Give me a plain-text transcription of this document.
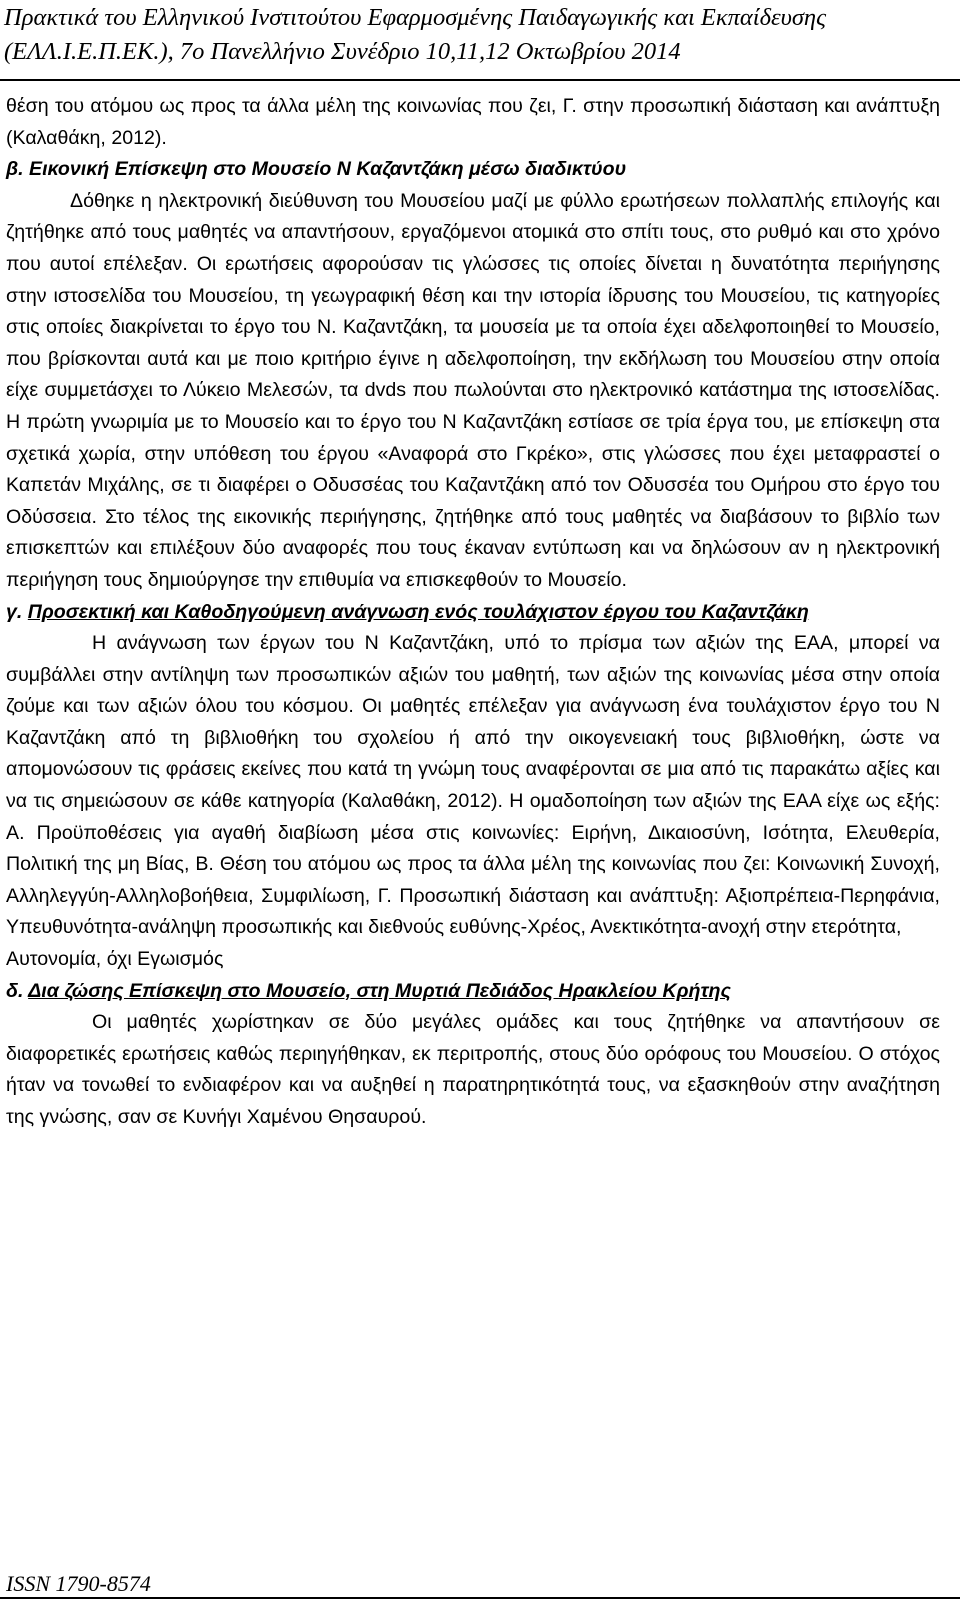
Πρακτικά του Ελληνικού Ινστιτούτου Εφαρμοσμένης Παιδαγωγικής και Εκπαίδευσης
(ΕΛΛ.Ι.Ε.Π.ΕΚ.), 7ο Πανελλήνιο Συνέδριο 10,11,12 Οκτωβρίου 2014

θέση του ατόμου ως προς τα άλλα μέλη της κοινωνίας που ζει, Γ. στην προσωπική διάσταση και ανάπτυξη (Καλαθάκη, 2012).

β. Εικονική Επίσκεψη στο Μουσείο Ν Καζαντζάκη μέσω διαδικτύου

Δόθηκε η ηλεκτρονική διεύθυνση του Μουσείου μαζί με φύλλο ερωτήσεων πολλαπλής επιλογής και ζητήθηκε από τους μαθητές να απαντήσουν, εργαζόμενοι ατομικά στο σπίτι τους, στο ρυθμό και στο χρόνο που αυτοί επέλεξαν. Οι ερωτήσεις αφορούσαν τις γλώσσες τις οποίες δίνεται η δυνατότητα περιήγησης στην ιστοσελίδα του Μουσείου, τη γεωγραφική θέση και την ιστορία ίδρυσης του Μουσείου, τις κατηγορίες στις οποίες διακρίνεται το έργο του Ν. Καζαντζάκη, τα μουσεία με τα οποία έχει αδελφοποιηθεί το Μουσείο, που βρίσκονται αυτά και με ποιο κριτήριο έγινε η αδελφοποίηση, την εκδήλωση του Μουσείου στην οποία είχε συμμετάσχει το Λύκειο Μελεσών, τα dvds που πωλούνται στο ηλεκτρονικό κατάστημα της ιστοσελίδας. Η πρώτη γνωριμία με το Μουσείο και το έργο του Ν Καζαντζάκη εστίασε σε τρία έργα του, με επίσκεψη στα σχετικά χωρία, στην υπόθεση του έργου «Αναφορά στο Γκρέκο», στις γλώσσες που έχει μεταφραστεί ο Καπετάν Μιχάλης, σε τι διαφέρει ο Οδυσσέας του Καζαντζάκη από τον Οδυσσέα του Ομήρου στο έργο του Οδύσσεια. Στο τέλος της εικονικής περιήγησης, ζητήθηκε από τους μαθητές να διαβάσουν το βιβλίο των επισκεπτών και επιλέξουν δύο αναφορές που τους έκαναν εντύπωση και να δηλώσουν αν η ηλεκτρονική περιήγηση τους δημιούργησε την επιθυμία να επισκεφθούν το Μουσείο.

γ. Προσεκτική και Καθοδηγούμενη ανάγνωση ενός τουλάχιστον έργου του Καζαντζάκη

Η ανάγνωση των έργων του Ν Καζαντζάκη, υπό το πρίσμα των αξιών της ΕΑΑ, μπορεί να συμβάλλει στην αντίληψη των προσωπικών αξιών του μαθητή, των αξιών της κοινωνίας μέσα στην οποία ζούμε και των αξιών όλου του κόσμου. Οι μαθητές επέλεξαν για ανάγνωση ένα τουλάχιστον έργο του Ν Καζαντζάκη από τη βιβλιοθήκη του σχολείου ή από την οικογενειακή τους βιβλιοθήκη, ώστε να απομονώσουν τις φράσεις εκείνες που κατά τη γνώμη τους αναφέρονται σε μια από τις παρακάτω αξίες και να τις σημειώσουν σε κάθε κατηγορία (Καλαθάκη, 2012). Η ομαδοποίηση των αξιών της ΕΑΑ είχε ως εξής: Α. Προϋποθέσεις για αγαθή διαβίωση μέσα στις κοινωνίες: Ειρήνη, Δικαιοσύνη, Ισότητα, Ελευθερία, Πολιτική της μη Βίας, Β. Θέση του ατόμου ως προς τα άλλα μέλη της κοινωνίας που ζει: Κοινωνική Συνοχή, Αλληλεγγύη-Αλληλοβοήθεια, Συμφιλίωση, Γ. Προσωπική διάσταση και ανάπτυξη: Αξιοπρέπεια-Περηφάνια, Υπευθυνότητα-ανάληψη προσωπικής και διεθνούς ευθύνης-Χρέος, Ανεκτικότητα-ανοχή στην ετερότητα,

Αυτονομία, όχι Εγωισμός

δ. Δια ζώσης Επίσκεψη στο Μουσείο, στη Μυρτιά Πεδιάδος Ηρακλείου Κρήτης

Οι μαθητές χωρίστηκαν σε δύο μεγάλες ομάδες και τους ζητήθηκε να απαντήσουν σε διαφορετικές ερωτήσεις καθώς περιηγήθηκαν, εκ περιτροπής, στους δύο ορόφους του Μουσείου. Ο στόχος ήταν να τονωθεί το ενδιαφέρον και να αυξηθεί η παρατηρητικότητά τους, να εξασκηθούν στην αναζήτηση της γνώσης, σαν σε Κυνήγι Χαμένου Θησαυρού.

ISSN 1790-8574
